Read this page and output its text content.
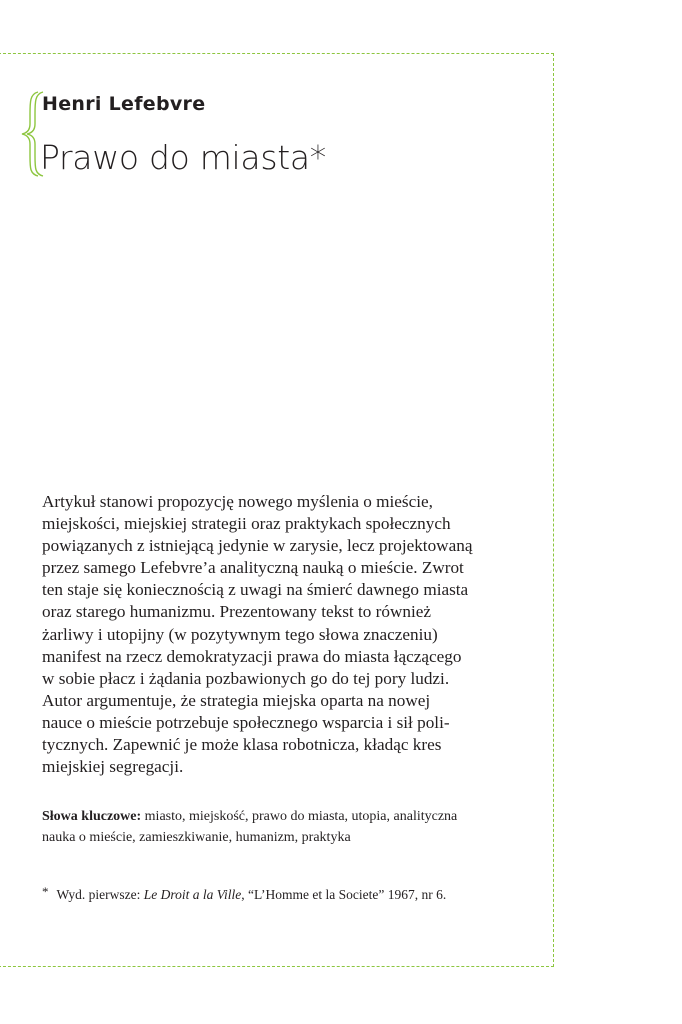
Henri Lefebvre
Prawo do miasta*
Artykuł stanowi propozycję nowego myślenia o mieście,
miejskości, miejskiej strategii oraz praktykach społecznych
powiązanych z istniejącą jedynie w zarysie, lecz projektowaną
przez samego Lefebvre’a analityczną nauką o mieście. Zwrot
ten staje się koniecznością z uwagi na śmierć dawnego miasta
oraz starego humanizmu. Prezentowany tekst to również
żarliwy i utopijny (w pozytywnym tego słowa znaczeniu)
manifest na rzecz demokratyzacji prawa do miasta łączącego
w sobie płacz i żądania pozbawionych go do tej pory ludzi.
Autor argumentuje, że strategia miejska oparta na nowej
nauce o mieście potrzebuje społecznego wsparcia i sił poli-
tycznych. Zapewnić je może klasa robotnicza, kładąc kres
miejskiej segregacji.
Słowa kluczowe: miasto, miejskość, prawo do miasta, utopia, analityczna
nauka o mieście, zamieszkiwanie, humanizm, praktyka
* Wyd. pierwsze: Le Droit a la Ville, “L’Homme et la Societe” 1967, nr 6.
